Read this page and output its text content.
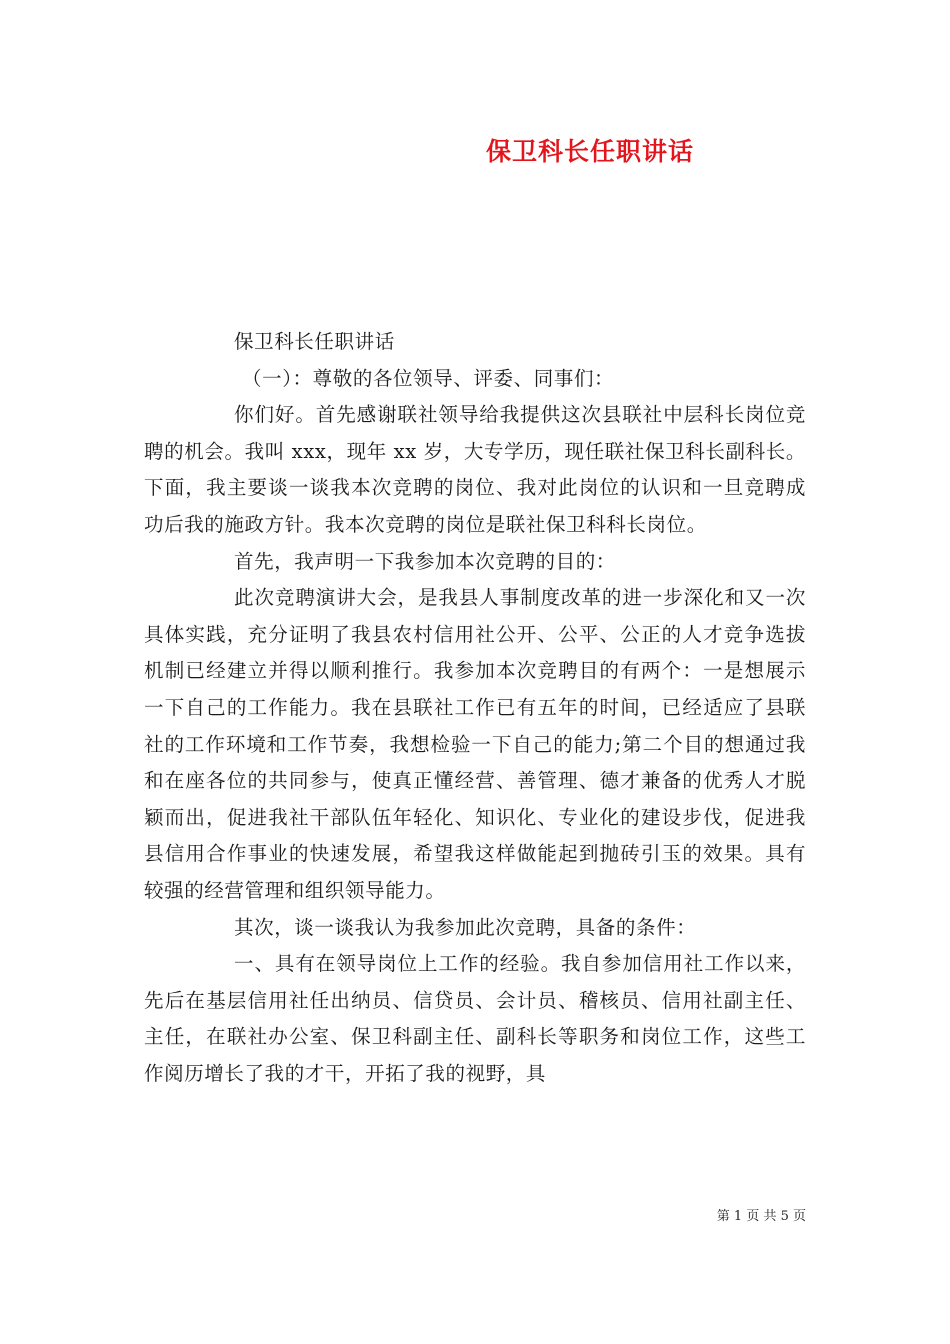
保卫科长任职讲话

保卫科长任职讲话

（一）：尊敬的各位领导、评委、同事们：

你们好。首先感谢联社领导给我提供这次县联社中层科长岗位竞聘的机会。我叫 xxx，现年 xx 岁，大专学历，现任联社保卫科长副科长。下面，我主要谈一谈我本次竞聘的岗位、我对此岗位的认识和一旦竞聘成功后我的施政方针。我本次竞聘的岗位是联社保卫科科长岗位。

首先，我声明一下我参加本次竞聘的目的：

此次竞聘演讲大会，是我县人事制度改革的进一步深化和又一次具体实践，充分证明了我县农村信用社公开、公平、公正的人才竞争选拔机制已经建立并得以顺利推行。我参加本次竞聘目的有两个：一是想展示一下自己的工作能力。我在县联社工作已有五年的时间，已经适应了县联社的工作环境和工作节奏，我想检验一下自己的能力;第二个目的想通过我和在座各位的共同参与，使真正懂经营、善管理、德才兼备的优秀人才脱颖而出，促进我社干部队伍年轻化、知识化、专业化的建设步伐，促进我县信用合作事业的快速发展，希望我这样做能起到抛砖引玉的效果。具有较强的经营管理和组织领导能力。

其次，谈一谈我认为我参加此次竞聘，具备的条件：

一、具有在领导岗位上工作的经验。我自参加信用社工作以来，先后在基层信用社任出纳员、信贷员、会计员、稽核员、信用社副主任、主任，在联社办公室、保卫科副主任、副科长等职务和岗位工作，这些工作阅历增长了我的才干，开拓了我的视野，具

第 1 页 共 5 页
